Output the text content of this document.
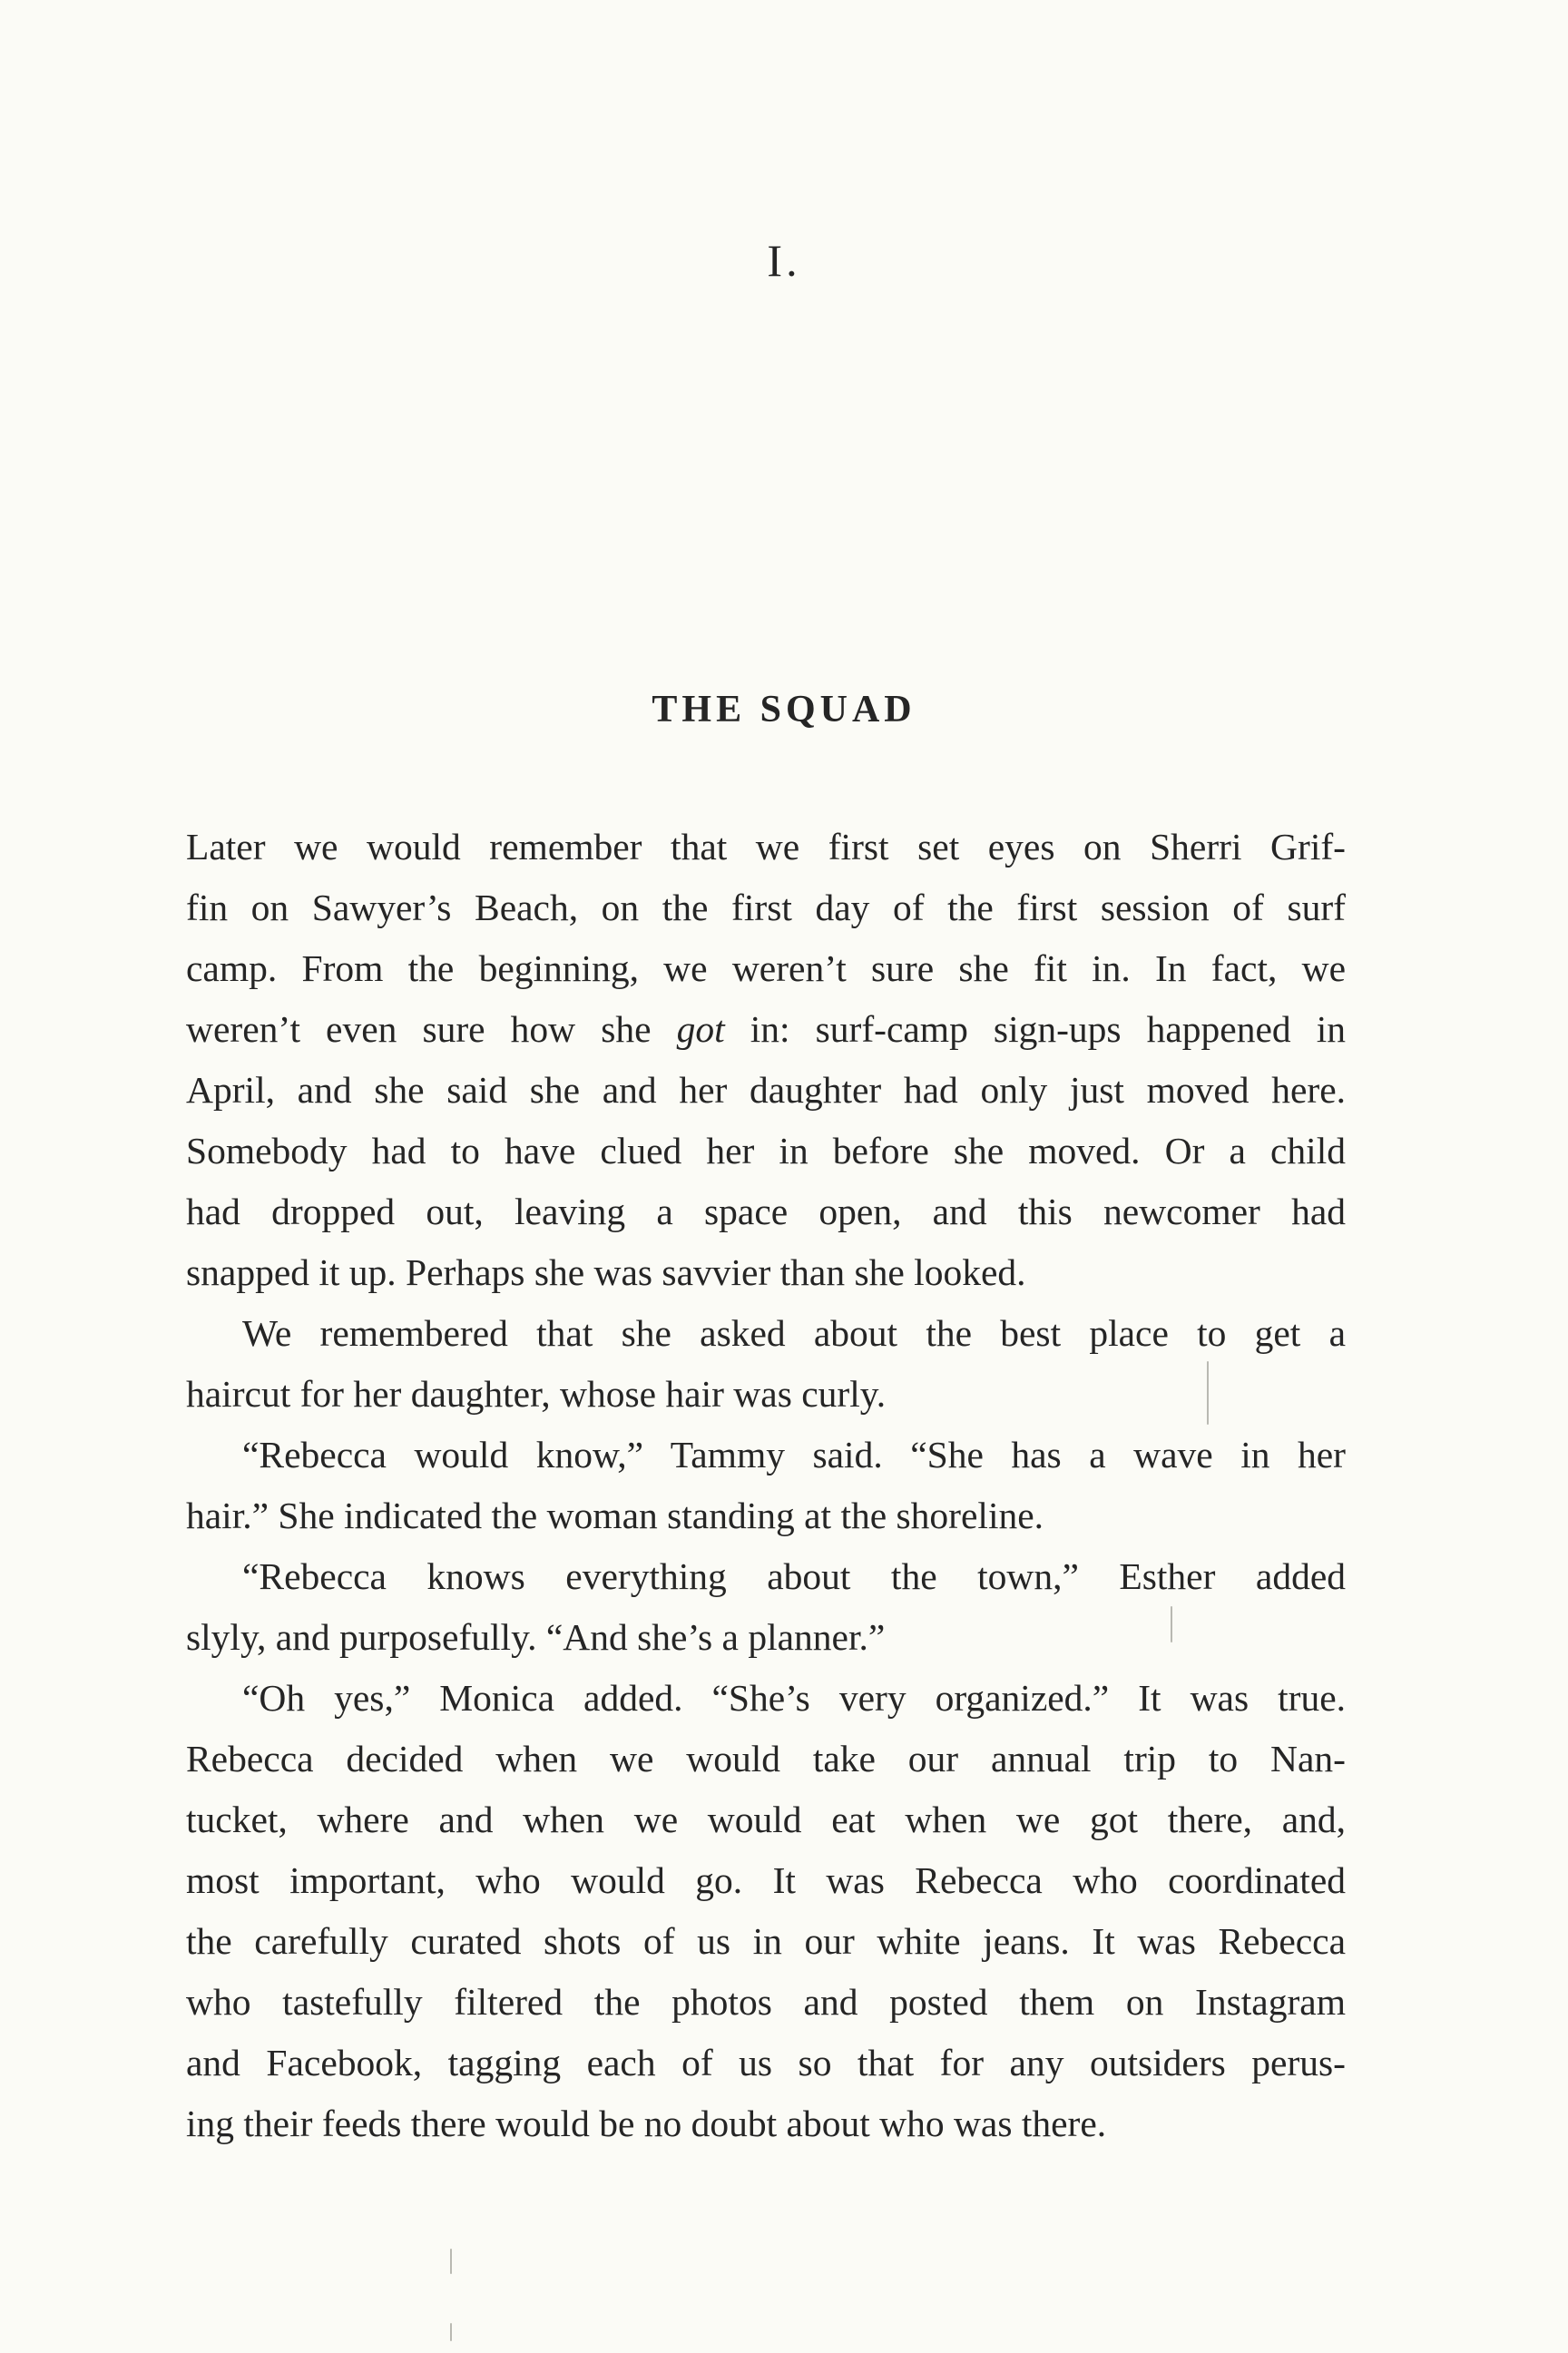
I.
THE SQUAD
Later we would remember that we first set eyes on Sherri Grif-
fin on Sawyer’s Beach, on the first day of the first session of surf
camp. From the beginning, we weren’t sure she fit in. In fact, we
weren’t even sure how she got in: surf-camp sign-ups happened in
April, and she said she and her daughter had only just moved here.
Somebody had to have clued her in before she moved. Or a child
had dropped out, leaving a space open, and this newcomer had
snapped it up. Perhaps she was savvier than she looked.
We remembered that she asked about the best place to get a
haircut for her daughter, whose hair was curly.
“Rebecca would know,” Tammy said. “She has a wave in her
hair.” She indicated the woman standing at the shoreline.
“Rebecca knows everything about the town,” Esther added
slyly, and purposefully. “And she’s a planner.”
“Oh yes,” Monica added. “She’s very organized.” It was true.
Rebecca decided when we would take our annual trip to Nan-
tucket, where and when we would eat when we got there, and,
most important, who would go. It was Rebecca who coordinated
the carefully curated shots of us in our white jeans. It was Rebecca
who tastefully filtered the photos and posted them on Instagram
and Facebook, tagging each of us so that for any outsiders perus-
ing their feeds there would be no doubt about who was there.
